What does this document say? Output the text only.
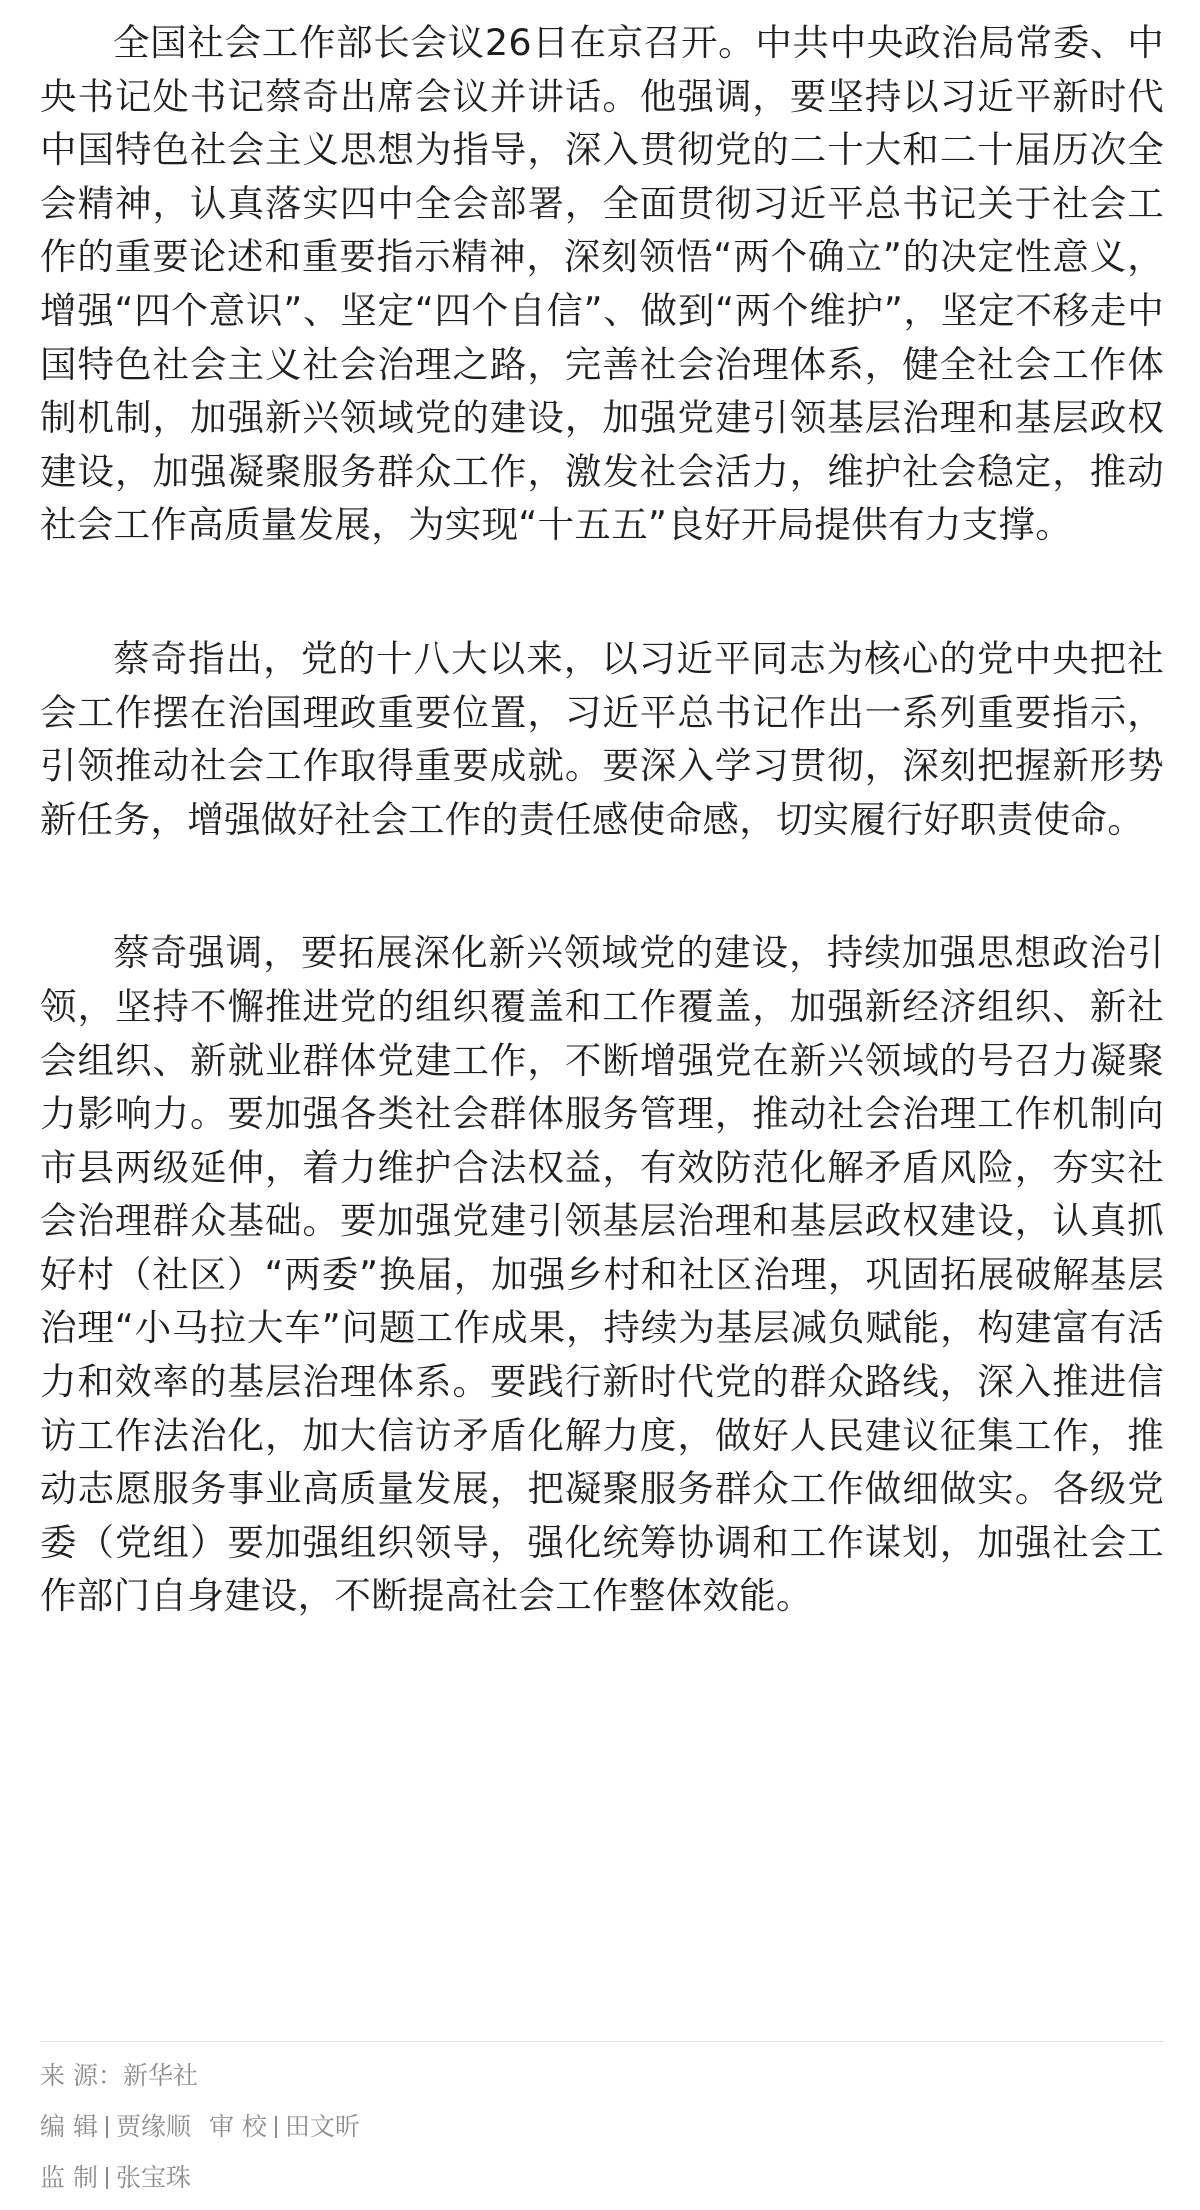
全国社会工作部长会议26日在京召开。中共中央政治局常委、中央书记处书记蔡奇出席会议并讲话。他强调，要坚持以习近平新时代中国特色社会主义思想为指导，深入贯彻党的二十大和二十届历次全会精神，认真落实四中全会部署，全面贯彻习近平总书记关于社会工作的重要论述和重要指示精神，深刻领悟“两个确立”的决定性意义，增强“四个意识”、坚定“四个自信”、做到“两个维护”，坚定不移走中国特色社会主义社会治理之路，完善社会治理体系，健全社会工作体制机制，加强新兴领域党的建设，加强党建引领基层治理和基层政权建设，加强凝聚服务群众工作，激发社会活力，维护社会稳定，推动社会工作高质量发展，为实现“十五五”良好开局提供有力支撑。

蔡奇指出，党的十八大以来，以习近平同志为核心的党中央把社会工作摆在治国理政重要位置，习近平总书记作出一系列重要指示，引领推动社会工作取得重要成就。要深入学习贯彻，深刻把握新形势新任务，增强做好社会工作的责任感使命感，切实履行好职责使命。

蔡奇强调，要拓展深化新兴领域党的建设，持续加强思想政治引领，坚持不懈推进党的组织覆盖和工作覆盖，加强新经济组织、新社会组织、新就业群体党建工作，不断增强党在新兴领域的号召力凝聚力影响力。要加强各类社会群体服务管理，推动社会治理工作机制向市县两级延伸，着力维护合法权益，有效防范化解矛盾风险，夯实社会治理群众基础。要加强党建引领基层治理和基层政权建设，认真抓好村（社区）“两委”换届，加强乡村和社区治理，巩固拓展破解基层治理“小马拉大车”问题工作成果，持续为基层减负赋能，构建富有活力和效率的基层治理体系。要践行新时代党的群众路线，深入推进信访工作法治化，加大信访矛盾化解力度，做好人民建议征集工作，推动志愿服务事业高质量发展，把凝聚服务群众工作做细做实。各级党委（党组）要加强组织领导，强化统筹协调和工作谋划，加强社会工作部门自身建设，不断提高社会工作整体效能。

来 源：新华社
编 辑 贾缘顺 审 校 田文昕
监 制 张宝珠
